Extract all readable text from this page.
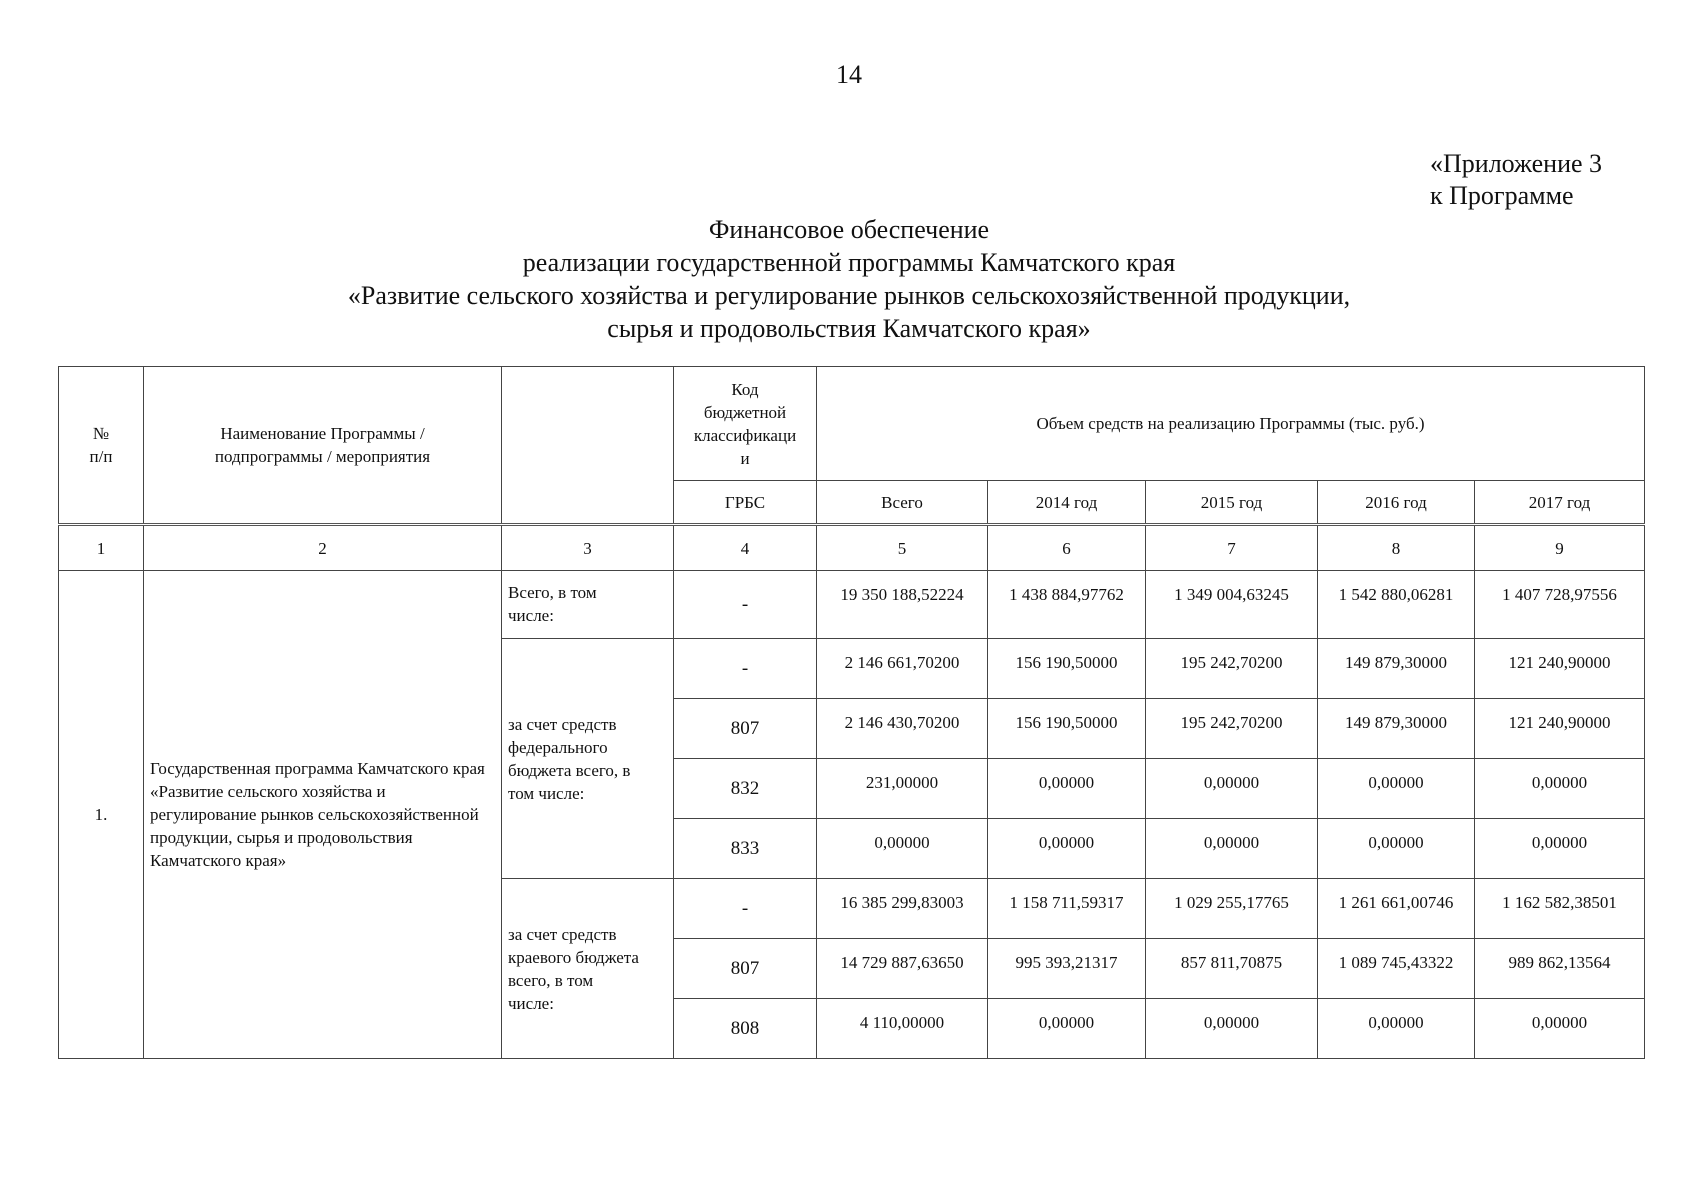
14
«Приложение 3
к Программе
Финансовое обеспечение
реализации государственной программы Камчатского края
«Развитие сельского хозяйства и регулирование рынков сельскохозяйственной продукции,
сырья и продовольствия Камчатского края»
№
п/п	Наименование Программы /
подпрограммы / мероприятия		Код
бюджетной
классификаци
и	Объем средств на реализацию Программы (тыс. руб.)				
			ГРБС	Всего	2014 год	2015 год	2016 год	2017 год
1	2	3	4	5	6	7	8	9
1.	Государственная программа Камчатского края «Развитие сельского хозяйства и регулирование рынков сельскохозяйственной продукции, сырья и продовольствия Камчатского края»	Всего, в том
числе:	-	19 350 188,52224	1 438 884,97762	1 349 004,63245	1 542 880,06281	1 407 728,97556
		за счет средств
федерального
бюджета всего, в
том числе:	-	2 146 661,70200	156 190,50000	195 242,70200	149 879,30000	121 240,90000
			807	2 146 430,70200	156 190,50000	195 242,70200	149 879,30000	121 240,90000
			832	231,00000	0,00000	0,00000	0,00000	0,00000
			833	0,00000	0,00000	0,00000	0,00000	0,00000
		за счет средств
краевого бюджета
всего, в том
числе:	-	16 385 299,83003	1 158 711,59317	1 029 255,17765	1 261 661,00746	1 162 582,38501
			807	14 729 887,63650	995 393,21317	857 811,70875	1 089 745,43322	989 862,13564
			808	4 110,00000	0,00000	0,00000	0,00000	0,00000
